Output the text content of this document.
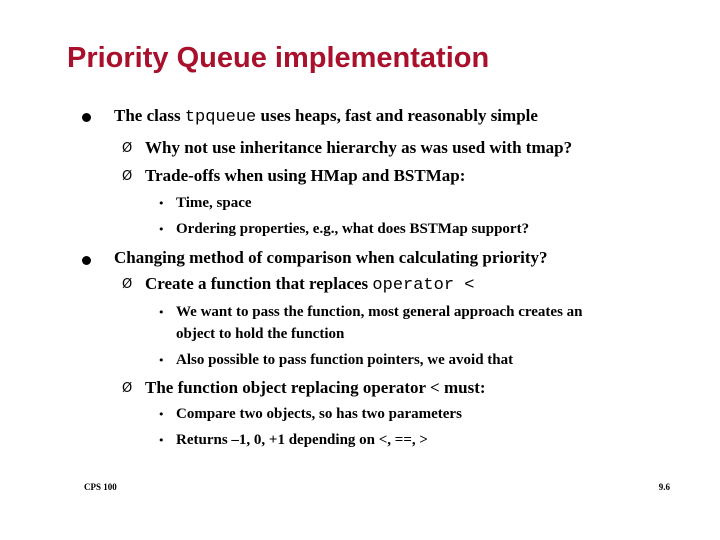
Priority Queue implementation
The class tpqueue uses heaps, fast and reasonably simple
Ø Why not use inheritance hierarchy as was used with tmap?
Ø Trade-offs when using HMap and BSTMap:
• Time, space
• Ordering properties, e.g., what does BSTMap support?
Changing method of comparison when calculating priority?
Ø Create a function that replaces operator <
• We want to pass the function, most general approach creates an
object to hold the function
• Also possible to pass function pointers, we avoid that
Ø The function object replacing operator < must:
• Compare two objects, so has two parameters
• Returns –1, 0, +1 depending on <, ==, >
CPS 100	9.6
